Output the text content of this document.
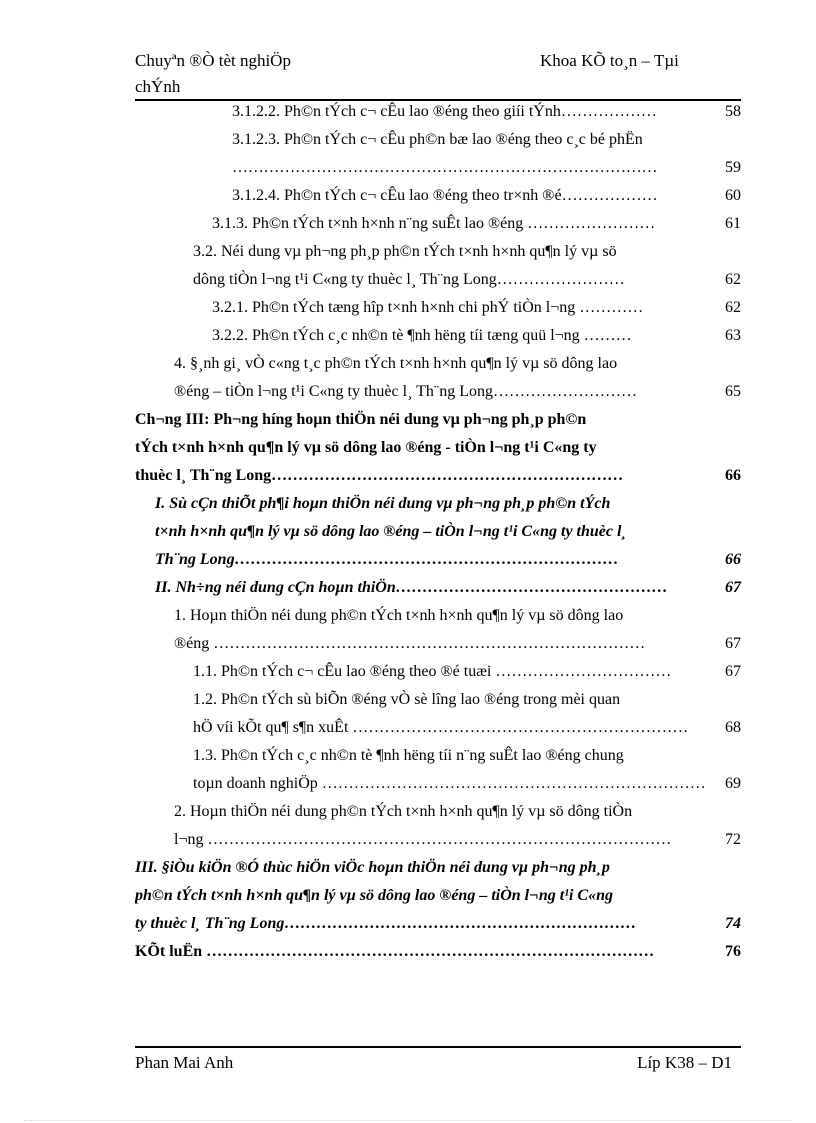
Chuyªn ®Ò tèt nghiÖp
chÝnh
Khoa KÕ to¸n – Tµi
3.1.2.2. Ph©n tÝch c¬ cÊu lao ®éng theo giíi tÝnh………………	58
3.1.2.3. Ph©n tÝch c¬ cÊu ph©n bæ lao ®éng theo c¸c bé phËn
………………………………………………………………………	59
3.1.2.4. Ph©n tÝch c¬ cÊu lao ®éng theo tr×nh ®é………………	60
3.1.3. Ph©n tÝch t×nh h×nh n¨ng suÊt lao ®éng ……………………	61
3.2. Néi dung vµ ph¬ng ph¸p ph©n tÝch t×nh h×nh qu¶n lý vµ sö
dông tiÒn l¬ng t¹i C«ng ty thuèc l¸ Th¨ng Long……………………	62
3.2.1. Ph©n tÝch tæng hîp t×nh h×nh chi phÝ tiÒn l¬ng …………	62
3.2.2. Ph©n tÝch c¸c nh©n tè ¶nh hëng tíi tæng quü l¬ng ………	63
4. §¸nh gi¸ vÒ c«ng t¸c ph©n tÝch t×nh h×nh qu¶n lý vµ sö dông lao
®éng – tiÒn l¬ng t¹i C«ng ty thuèc l¸ Th¨ng Long………………………	65
Ch¬ng III: Ph¬ng híng hoµn thiÖn néi dung vµ ph¬ng ph¸p ph©n
tÝch t×nh h×nh qu¶n lý vµ sö dông lao ®éng - tiÒn l¬ng t¹i C«ng ty
thuèc l¸ Th¨ng Long…………………………………………………………	66
I. Sù cÇn thiÕt ph¶i hoµn thiÖn néi dung vµ ph¬ng ph¸p ph©n tÝch
t×nh h×nh qu¶n lý vµ sö dông lao ®éng – tiÒn l¬ng t¹i C«ng ty thuèc l¸
Th¨ng Long………………………………………………………………	66
II. Nh÷ng néi dung cÇn hoµn thiÖn……………………………………………	67
1. Hoµn thiÖn néi dung ph©n tÝch t×nh h×nh qu¶n lý vµ sö dông lao
®éng ………………………………………………………………………	67
1.1. Ph©n tÝch c¬ cÊu lao ®éng theo ®é tuæi ……………………………	67
1.2. Ph©n tÝch sù biÕn ®éng vÒ sè lîng lao ®éng trong mèi quan
hÖ víi kÕt qu¶ s¶n xuÊt ……………………………………………………… 68
1.3. Ph©n tÝch c¸c nh©n tè ¶nh hëng tíi n¨ng suÊt lao ®éng chung
toµn doanh nghiÖp ……………………………………………………………… 69
2. Hoµn thiÖn néi dung ph©n tÝch t×nh h×nh qu¶n lý vµ sö dông tiÒn
l¬ng ……………………………………………………………………………	72
III. §iÒu kiÖn ®Ó thùc hiÖn viÖc hoµn thiÖn néi dung vµ ph¬ng ph¸p
ph©n tÝch t×nh h×nh qu¶n lý vµ sö dông lao ®éng – tiÒn l¬ng t¹i C«ng
ty thuèc l¸ Th¨ng Long…………………………………………………………	74
KÕt luËn …………………………………………………………………………	76
Phan Mai Anh	Líp K38 – D1
